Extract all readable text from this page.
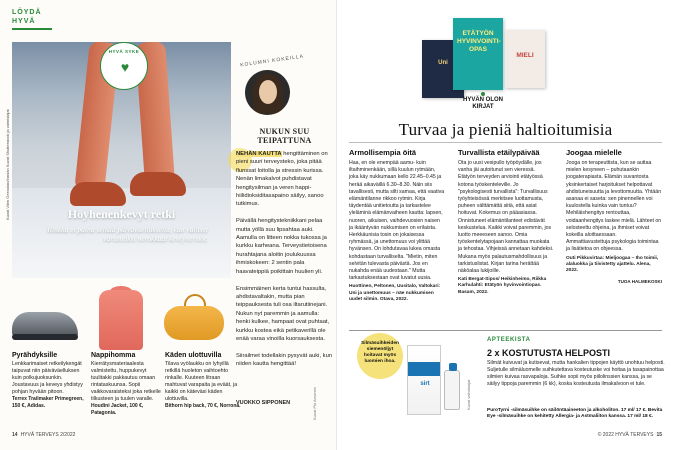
LÖYDÄ
HYVÄ
Höyhenenkevyt retki
Rinkka ei paina selkää päiväväelluksella, kun valitset varusteiksi nerokkaat keveyversiot.
Kuvat Vilen Geevalan/Iranian Kuvat Shutterstock ja valmistajat
HYVÄ SYKE
♥	KOLUMNI KOKEILLA
NUKUN SUU TEIPATTUNA
NEHÄN KAUTTA hengittäminen on pieni suuri terveysteko, joka pitää flunssat loitolla ja stressin kurissa. Nenän limakalvot puhdistavat hengitysilman ja veren happi-hiilidioksiditasapaino säilyy, sanoo tutkimus.

Päivällä hengitystekniikkani pelaa mutta yöllä suu lipsahtaa auki. Aamulla on litteen nokka tukossa ja kurkku karheana. Terveystietoisena hurahtajana aloitin joulukuussa ihmiskokeen: 2 sentin pala haavateippiä poikittain huulien yli.

Ensimmäinen kerta tuntui hassulta, ahdistavaltakin, mutta pian teippauksesta tuli osa iltarutiinejani. Nukun nyt paremmin ja aamulla: henki kulkee, hampaat ovat puhtaat, kurkku kostea eikä petikaverillä ole enää varaa vinoilla kuorsauksesta.

Siirailmet todellakin pysyvät auki, kun niiden kautta hengittää!
VUOKKO SIPPONEN
Pyrähdyksille
Lenkkarimaiset retkeilykengät taipuvat niin päiväväelluksen kuin polkujuoksunkin. Joustavuus ja keveys yhdistyy pohjan hyvään pitoon.
Terrex Trailmaker Primegreen, 150 €, Adidas.
Nappihomma
Kierrätysmateriaalesta valmistettu, huppukevyt tuulitakki pakkautuu omaan rintataskuunsa. Sopii vaikkovaraisteksi joka retkelle tilkusteen ja tuulen varalle.
Houdini Jacket, 100 €, Patagonia.
Käden ulottuvilla
Tilava vyölaukku on lyhyillä retkillä huoleton vaihtoehto rinkalle. Kuuteen litraan mahtuvat varapaita ja eväät, ja kaikki on käteväsi käden ulottuvilla.
Bithorn hip back, 70 €, Norrona.	Kuvat Pia Arvonen
14 HYVÄ TERVEYS 2/2022
Uni
ETÄTYÖN HYVINVOINTI-OPAS
MIELI
HYVÄN OLON KIRJAT
Turvaa ja pieniä haltioitumisia
Armollisempia öitä

Haa, en ole enempää aamu- kuin iltaihminenkään, sillä kuulun rytmään, joka käy nukkumaan kello 22.45–0.45 ja herää aikaväillä 6.30–8.30. Näin siis tavallisesti, mutta silti samaa, että vaativa elämäntilanne rikkoo rytmin. Kirja täydentää unitietoutta ja tarkastelee yleläminä elämänvaiheen kautta: lapsen, nuoren, aikuisen, vaihdevuosien naisen ja ikääntyvän nukkumisen on erilaista. Herkkäunisia tosin on jokaisessa ryhmässä, ja unettomuus voi ylittää hyvänsen. On lohdutavaa lukea omasta kohdastaan turvalliselta. "Mietin, miten selvitän tulevasta päivästä. Jos en nukahda enää uudestaan." Mutta tarkastuksestaan ovat luvatut uusia.

Huottinen, Peltonen, Uusitalo, Valtokari: Uni ja unettomuus – näe nukkumisen uudet silmin. Otava, 2022.

Turvallista etäilypäivää

Ota jo uusi vesipullo työpöydälle, jos vanha jäi autoitunut sen vieressä. Etätyön terveyden arviointi etätyössä kotona työskenteleville. Jo "psykologisesti turvallista": Turvallisuus työyhteisössä merkitsee luottamusta, puheen välttämättä siitä, että asiat hoituvat. Kokemus on pääasiassa. Onnistuneet elämäntilanteet edistävät keskustelua. Kaikki voivat paremmin, jos luotto meeeseen sanoo. Omia työskentelytapojaan kannattaa muokata ja tehostaa. Vihjeissä annetaan kahdeksi. Mukana myös palautusmahdollisuus ja tarkistuslistat. Kirjan tarina herättää näköalaa lukijoille.

Kati Bergat-Sipos/ Heikinheimo, Riikka Karhulahti: Etätyön hyvinvointiopas. Basam, 2022.

Joogaa mielelle

Jooga on terapeuttista, kun se auttaa mielen kesyneen – puhutaankin joogaterapiasta. Elämän suvantosta yksinkertaiset harjoitukset helpottavat ahdistuneisuutta ja levottomuutta. Yhtään asanaa ei saseta: sen pinennellen voi kuulostella kuinka vain tuntuu? Mehiläishengitys rentouttaa, voidaanhengitys laskee mielä. Lähteet on selosteettu ohjeina, ja ihmiset voivat kokeilla aloittaessaan. Ammattiavustettuja psykologia toimintaa ja lisätietoa on ohjeessa.

Outi Pikkuvirtaa: Mieljoogaa – Iho toimii, alaluokka ja tiivistetty ajattelu. Alena, 2022.

TUOA HALMEKOSKI

Silmäsuihkeiden siemenöljyt hoitavat myös luomien ihoa.
sirt	Kuvat valmistajat
APTEEKISTA
2 x KOSTUTUSTA HELPOSTI
Silmät kuivuvat ja kutisevat, mutta hankalien tippojen käyttö unohtuu helposti. Suljetulle silmäluomelle suihkutettava kosteutuske voi hoitaa ja tasapainottaa silmien kuivaa rasvapaloja. Suihke sopii myös piilolinssien kanssa, ja se säilyy tippoja paremmin (6 kk), koska kosteutusta ilmakalvoon ei tule.
PuroTyrni -silmäsuihke on säilöntäaineeton ja alkoholiton. 17 ml/ 17 €. Bevita Eye -silmäsuihke on kehitetty Allergia- ja Astmaliiton kanssa. 17 ml/ 18 €.
© 2022 HYVÄ TERVEYS 15
